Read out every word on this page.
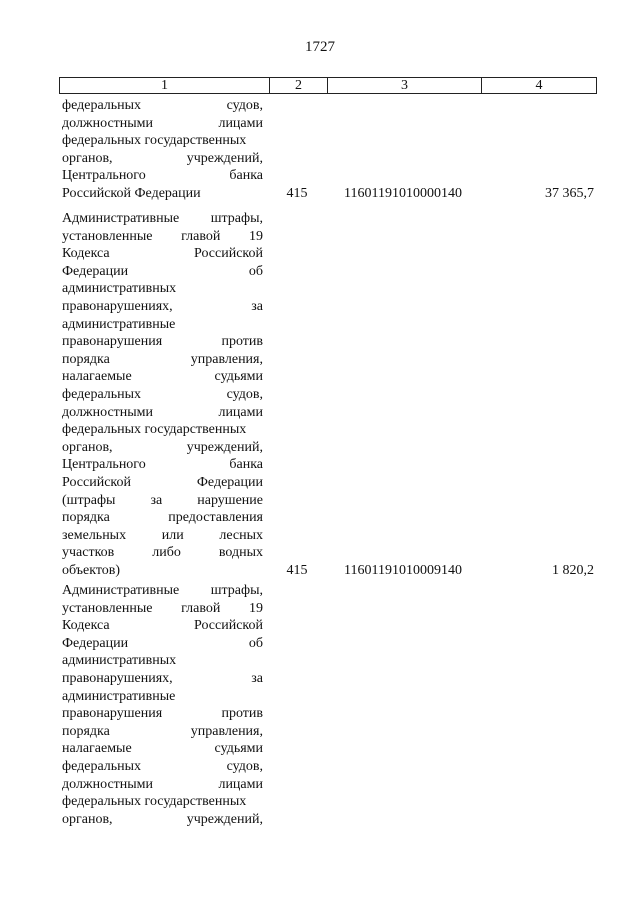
1727
1	2	3	4
федеральных	судов,
должностными	лицами
федеральных государственных
органов,	учреждений,
Центрального	банка
Российской Федерации	415	11601191010000140	37 365,7
Административные штрафы,
установленные главой 19
Кодекса	Российской
Федерации	об
административных
правонарушениях,	за
административные
правонарушения	против
порядка	управления,
налагаемые	судьями
федеральных	судов,
должностными	лицами
федеральных государственных
органов,	учреждений,
Центрального	банка
Российской	Федерации
(штрафы	за	нарушение
порядка	предоставления
земельных	или	лесных
участков	либо	водных
объектов)	415	11601191010009140	1 820,2
Административные штрафы,
установленные главой 19
Кодекса	Российской
Федерации	об
административных
правонарушениях,	за
административные
правонарушения	против
порядка	управления,
налагаемые	судьями
федеральных	судов,
должностными	лицами
федеральных государственных
органов,	учреждений,
